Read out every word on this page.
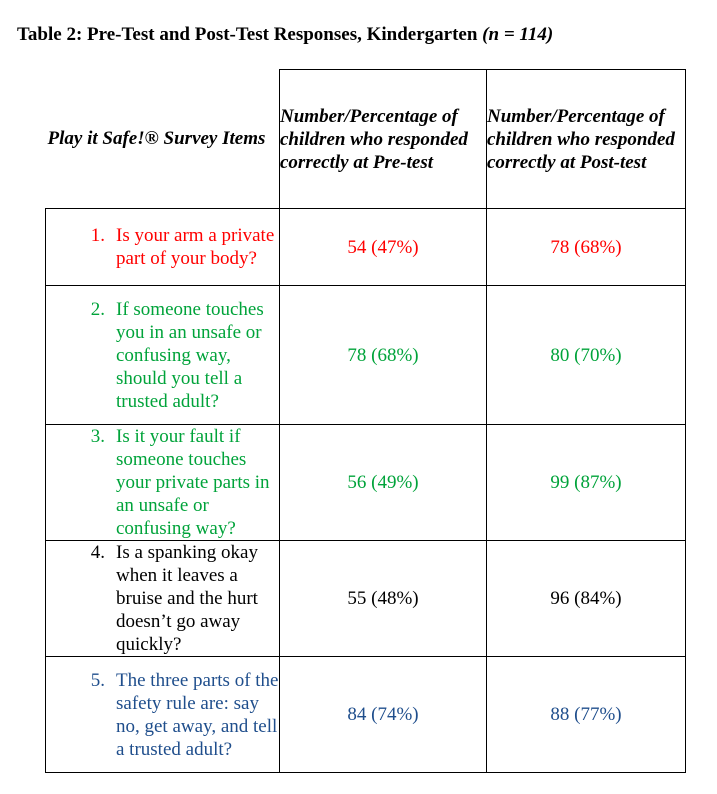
Table 2: Pre-Test and Post-Test Responses, Kindergarten (n = 114)
Play it Safe!® Survey Items	Number/Percentage of children who responded correctly at Pre-test	Number/Percentage of children who responded correctly at Post-test

1. Is your arm a private part of your body?	54 (47%)	78 (68%)

2. If someone touches you in an unsafe or confusing way, should you tell a trusted adult?	78 (68%)	80 (70%)

3. Is it your fault if someone touches your private parts in an unsafe or confusing way?	56 (49%)	99 (87%)

4. Is a spanking okay when it leaves a bruise and the hurt doesn’t go away quickly?	55 (48%)	96 (84%)

5. The three parts of the safety rule are: say no, get away, and tell a trusted adult?	84 (74%)	88 (77%)
